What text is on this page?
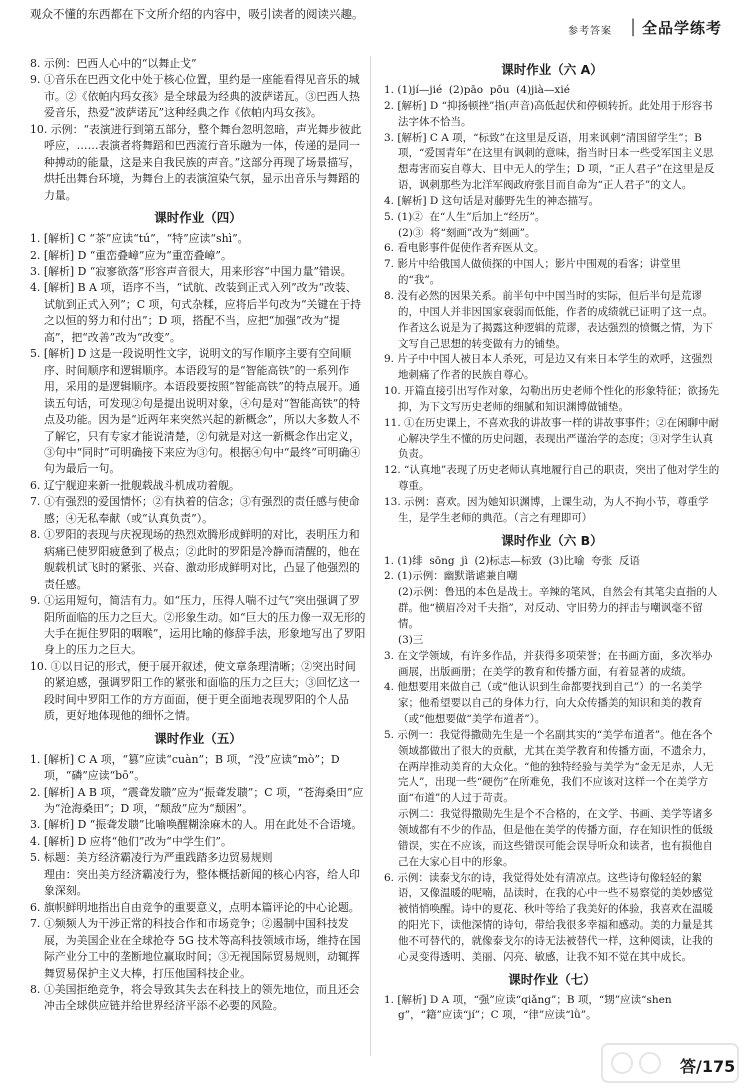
观众不懂的东西都在下文所介绍的内容中，吸引读者的阅读兴趣。
参考答案 | 全品学练考

8. 示例：巴西人心中的“以舞止戈”

9. ①音乐在巴西文化中处于核心位置，里约是一座能看得见音乐的城市。②《依帕内玛女孩》是全球最为经典的波萨诺瓦。③巴西人热爱音乐，热爱“波萨诺瓦”这种经典之作《依帕内玛女孩》。

10. 示例：“表演进行到第五部分，整个舞台忽明忽暗，声光舞步彼此呼应，……表演者将舞蹈和巴西流行音乐融为一体，传递的是同一种搏动的能量，这是来自我民族的声音。”这部分再现了场景描写，烘托出舞台环境，为舞台上的表演渲染气氛，显示出音乐与舞蹈的力量。

课时作业（四）

1. [解析] C “茶”应读“tú”，“特”应读“shì”。

2. [解析] D “重峦叠嶂”应为“重峦叠嶂”。

3. [解析] D “寂寥欲落”形容声音很大，用来形容“中国力量”错误。

4. [解析] B A 项，语序不当，“试航、改装到正式入列”改为“改装、试航到正式入列”；C 项，句式杂糅，应将后半句改为“关键在于持之以恒的努力和付出”；D 项，搭配不当，应把“加强”改为“提高”，把“改善”改为“改变”。

5. [解析] D 这是一段说明性文字，说明文的写作顺序主要有空间顺序、时间顺序和逻辑顺序。本语段写的是“智能高铁”的一系列作用，采用的是逻辑顺序。本语段要按照“智能高铁”的特点展开。通读五句话，可发现②句是提出说明对象，④句是对“智能高铁”的特点及功能。因为是“近两年来突然兴起的新概念”，所以大多数人不了解它，只有专家才能说清楚，②句就是对这一新概念作出定义，③句中“同时”可明确接下来应为③句。根据④句中“最终”可明确④句为最后一句。

6. 辽宁舰迎来新一批舰载战斗机成功着舰。

7. ①有强烈的爱国情怀；②有执着的信念；③有强烈的责任感与使命感；④无私奉献（或“认真负责”）。

8. ①罗阳的表现与庆祝现场的热烈欢腾形成鲜明的对比，表明压力和病痛已使罗阳疲惫到了极点；②此时的罗阳是冷静而清醒的，他在舰载机试飞时的紧张、兴奋、激动形成鲜明对比，凸显了他强烈的责任感。

9. ①运用短句，简洁有力。如“压力，压得人喘不过气”突出强调了罗阳所面临的压力之巨大。②形象生动。如“巨大的压力像一双无形的大手在扼住罗阳的咽喉”，运用比喻的修辞手法，形象地写出了罗阳身上的压力之巨大。

10. ①以日记的形式，便于展开叙述，使文章条理清晰；②突出时间的紧迫感，强调罗阳工作的紧张和面临的压力之巨大；③回忆这一段时间中罗阳工作的方方面面，便于更全面地表现罗阳的个人品质，更好地体现他的细怀之情。

课时作业（五）

1. [解析] C A 项，“篡”应读“cuàn”；B 项，“没”应读“mò”；D 项，“磷”应读“bō”。

2. [解析] A B 项，“震聋发聩”应为“振聋发聩”；C 项，“苍海桑田”应为“沧海桑田”；D 项，“颓敌”应为“颓困”。

3. [解析] D “振聋发聩”比喻唤醒糊涂麻木的人。用在此处不合语境。

4. [解析] D 应将“他们”改为“中学生们”。

5. 标题：美方经济霸凌行为严重践踏多边贸易规则

理由：突出美方经济霸凌行为，整体概括新闻的核心内容，给人印象深刻。

6. 旗帜鲜明地指出自由竞争的重要意义，点明本篇评论的中心论题。

7. ①频频人为干涉正常的科技合作和市场竞争；②遏制中国科技发展，为美国企业在全球抢夺 5G 技术等高科技领域市场，维持在国际产业分工中的垄断地位赢取时间；③无视国际贸易规则，动辄挥舞贸易保护主义大棒，打压他国科技企业。

8. ①美国拒绝竞争，将会导致其失去在科技上的领先地位，而且还会冲击全球供应链并给世界经济平添不必要的风险。

课时作业（六 A）

1. (1)jí—jié  (2)pāo  pōu  (4)jià—xié

2. [解析] D “抑扬顿挫”指(声音)高低起伏和停顿转折。此处用于形容书法字体不恰当。

3. [解析] C A 项，“标致”在这里是反语，用来讽刺“清国留学生”；B 项，“爱国青年”在这里有讽刺的意味，指当时日本一些受军国主义思想毒害而妄自尊大、目中无人的学生；D 项，“正人君子”在这里是反语，讽刺那些为北洋军阀政府张目而自命为“正人君子”的文人。

4. [解析] D 这句话是对藤野先生的神态描写。

5. (1)②  在“人生”后加上“经历”。

(2)③  将“刻画”改为“刻画”。

6. 看电影事件促使作者弃医从文。

7. 影片中给俄国人做侦探的中国人；影片中围观的看客；讲堂里的“我”。

8. 没有必然的因果关系。前半句中中国当时的实际，但后半句是荒谬的，中国人并非因国家衰弱而低能，作者的成绩就已证明了这一点。作者这么说是为了揭露这种逻辑的荒谬，表达强烈的愤慨之情，为下文写自己思想的转变做有力的铺垫。

9. 片子中中国人被日本人杀死，可是边又有来日本学生的欢呼，这强烈地刺痛了作者的民族自尊心。

10. 开篇直接引出写作对象，勾勒出历史老师个性化的形象特征；欲扬先抑，为下文写历史老师的细腻和知识渊博做铺垫。

11. ①在历史课上，不喜欢我的讲故事一样的讲故事事件；②在闲聊中耐心解决学生不懂的历史问题，表现出严谨治学的态度；③对学生认真负责。

12. “认真地”表现了历史老师认真地履行自己的职责，突出了他对学生的尊重。

13. 示例：喜欢。因为她知识渊博，上课生动，为人不拘小节，尊重学生，是学生老师的典范。（言之有理即可）

课时作业（六 B）

1. (1)绯  sōng  jì  (2)标志—标致  (3)比喻  夸张  反语

2. (1)示例：幽默谐谑兼自嘲

(2)示例：鲁迅的本色是战士。辛辣的笔风，自然会有其笔尖直指的人群。他“横眉冷对千夫指”，对反动、守旧势力的抨击与嘲讽毫不留情。

(3)三

3. 在文学领域，有许多作品，并获得多项荣誉；在书画方面，多次举办画展，出版画册；在美学的教育和传播方面，有着显著的成绩。

4. 他想要用来做自己（或“他认识到生命都要找到自己”）的一名美学家；他希望要以自己的身体力行，向大众传播美的知识和美的教育（或“他想要做“美学布道者”）。

5. 示例一：我觉得撒勋先生是一个名副其实的“美学布道者”。他在各个领域都做出了很大的贡献，尤其在美学教育和传播方面，不遗余力，在两岸推动美育的大众化。“他的独特经验与美学为“金无足赤，人无完人”，出现一些“硬伤”在所难免，我们不应该对这样一个在美学方面“布道”的人过于苛责。

示例二：我觉得撒勋先生是个不合格的，在文学、书画、美学等诸多领域都有不少的作品，但是他在美学的传播方面，存在知识性的低级错误，实在不应该，而这些错误可能会误导听众和读者，也有损他自己在大家心目中的形象。

6. 示例：读泰戈尔的诗，我觉得处处有清凉点。这些诗句像轻轻的絮语，又像温暖的呢喃，品读时，在我的心中一些不易察觉的美妙感觉被悄悄唤醒。诗中的夏花、秋叶等给了我美好的体验，我喜欢在温暖的阳光下，读他深情的诗句，带给我很多幸福和感动。美的力量是其他不可替代的，就像泰戈尔的诗无法被替代一样，这种阅读，让我的心灵变得透明、美丽、闪亮、敏感，让我不知不觉在其中成长。

课时作业（七）

1. [解析] D A 项，“强”应读“qiǎng”；B 项，“甥”应读“sheng”，“籍”应读“jí”；C 项，“律”应读“lǜ”。

答/175
